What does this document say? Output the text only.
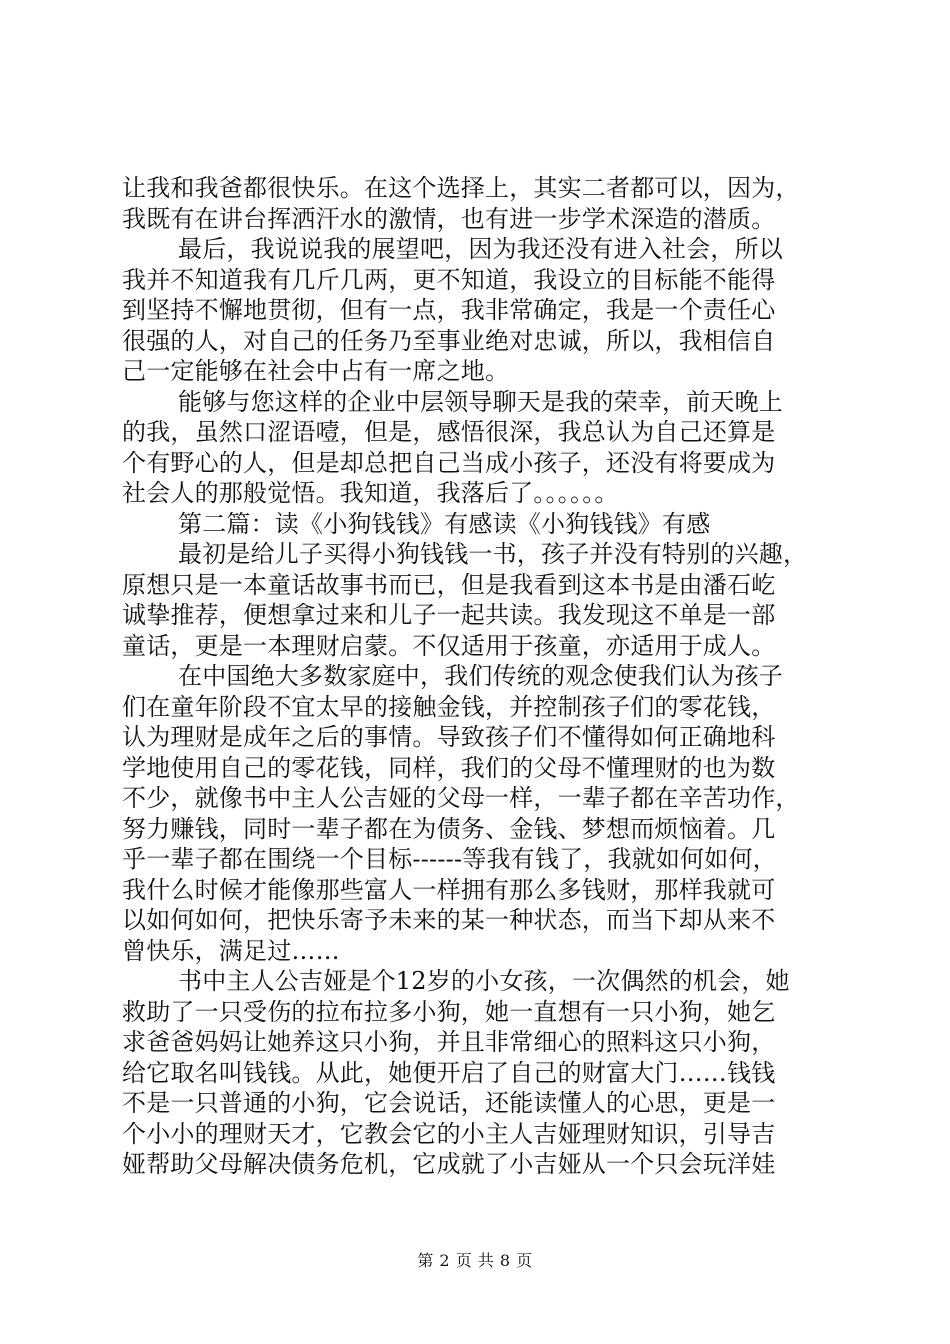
让我和我爸都很快乐。在这个选择上，其实二者都可以，因为，
我既有在讲台挥洒汗水的激情，也有进一步学术深造的潜质。
最后，我说说我的展望吧，因为我还没有进入社会，所以
我并不知道我有几斤几两，更不知道，我设立的目标能不能得
到坚持不懈地贯彻，但有一点，我非常确定，我是一个责任心
很强的人，对自己的任务乃至事业绝对忠诚，所以，我相信自
己一定能够在社会中占有一席之地。
能够与您这样的企业中层领导聊天是我的荣幸，前天晚上
的我，虽然口涩语噎，但是，感悟很深，我总认为自己还算是
个有野心的人，但是却总把自己当成小孩子，还没有将要成为
社会人的那般觉悟。我知道，我落后了。。。。。。
第二篇：读《小狗钱钱》有感读《小狗钱钱》有感
最初是给儿子买得小狗钱钱一书，孩子并没有特别的兴趣，
原想只是一本童话故事书而已，但是我看到这本书是由潘石屹
诚挚推荐，便想拿过来和儿子一起共读。我发现这不单是一部
童话，更是一本理财启蒙。不仅适用于孩童，亦适用于成人。
在中国绝大多数家庭中，我们传统的观念使我们认为孩子
们在童年阶段不宜太早的接触金钱，并控制孩子们的零花钱，
认为理财是成年之后的事情。导致孩子们不懂得如何正确地科
学地使用自己的零花钱，同样，我们的父母不懂理财的也为数
不少，就像书中主人公吉娅的父母一样，一辈子都在辛苦功作，
努力赚钱，同时一辈子都在为债务、金钱、梦想而烦恼着。几
乎一辈子都在围绕一个目标------等我有钱了，我就如何如何，
我什么时候才能像那些富人一样拥有那么多钱财，那样我就可
以如何如何，把快乐寄予未来的某一种状态，而当下却从来不
曾快乐，满足过……
书中主人公吉娅是个12岁的小女孩，一次偶然的机会，她
救助了一只受伤的拉布拉多小狗，她一直想有一只小狗，她乞
求爸爸妈妈让她养这只小狗，并且非常细心的照料这只小狗，
给它取名叫钱钱。从此，她便开启了自己的财富大门……钱钱
不是一只普通的小狗，它会说话，还能读懂人的心思，更是一
个小小的理财天才，它教会它的小主人吉娅理财知识，引导吉
娅帮助父母解决债务危机，它成就了小吉娅从一个只会玩洋娃
第 2 页 共 8 页
